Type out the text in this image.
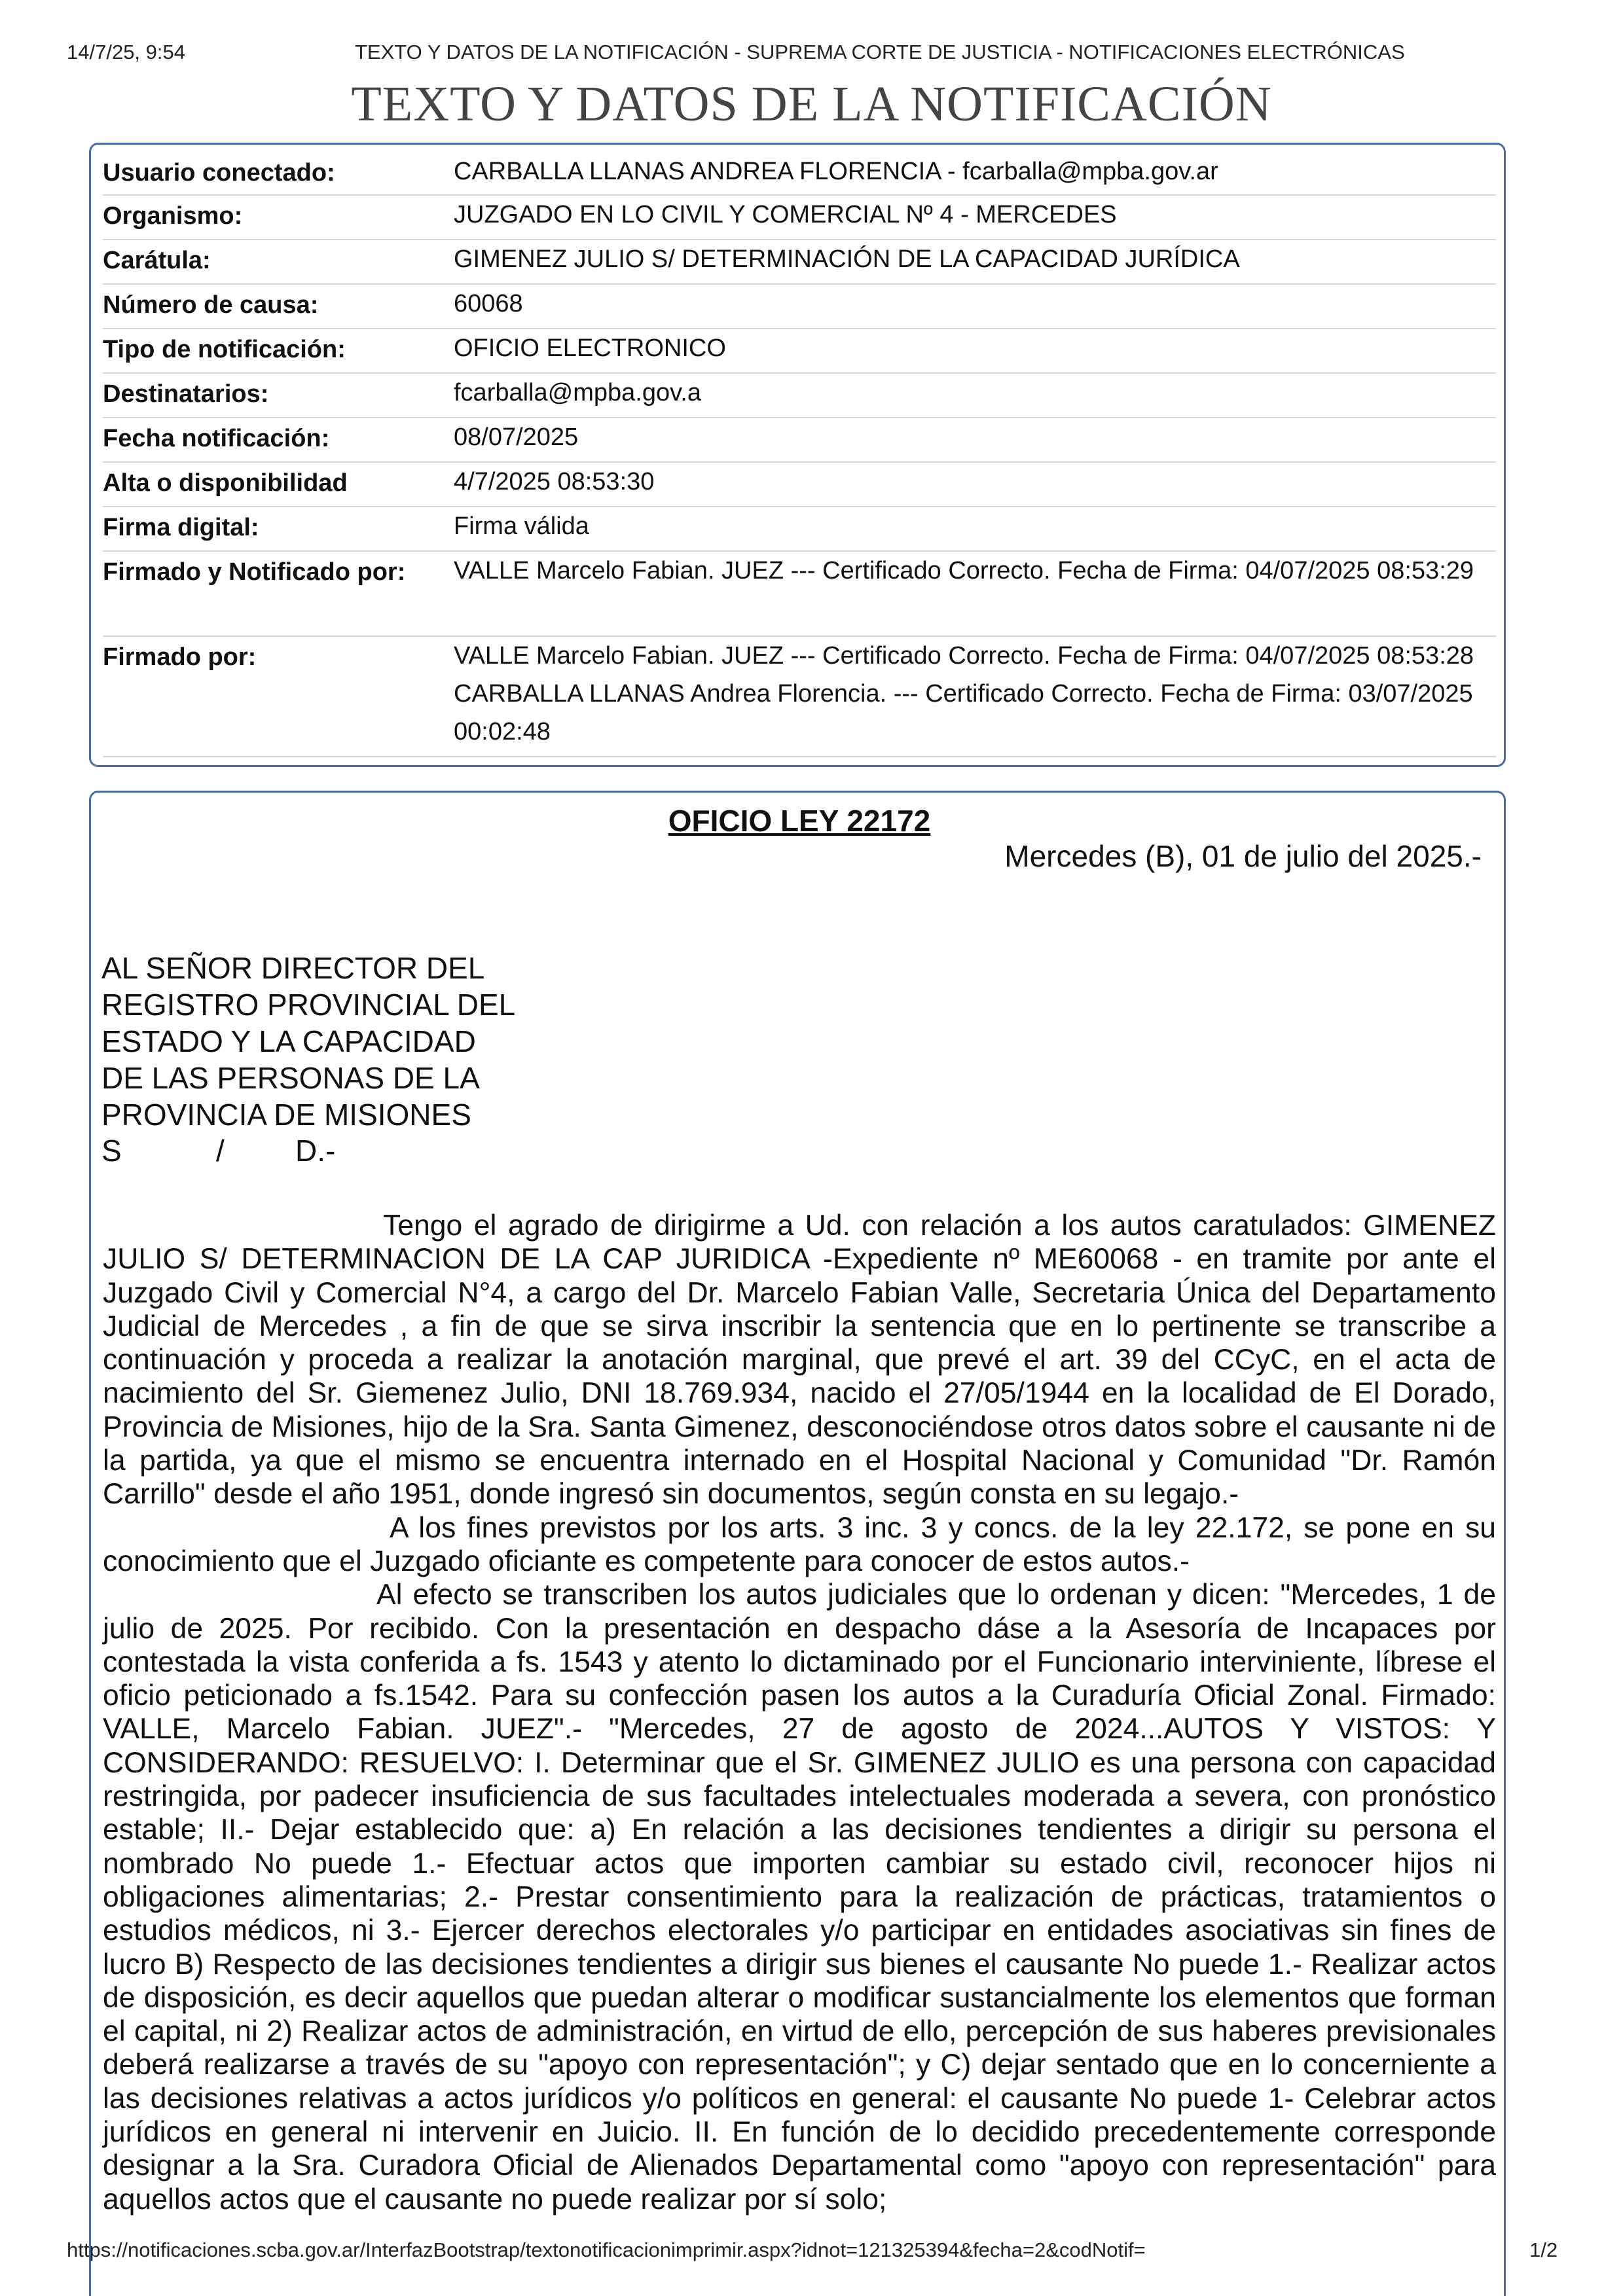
14/7/25, 9:54	TEXTO Y DATOS DE LA NOTIFICACIÓN - SUPREMA CORTE DE JUSTICIA - NOTIFICACIONES ELECTRÓNICAS
TEXTO Y DATOS DE LA NOTIFICACIÓN
Usuario conectado:	CARBALLA LLANAS ANDREA FLORENCIA - fcarballa@mpba.gov.ar
Organismo:	JUZGADO EN LO CIVIL Y COMERCIAL Nº 4 - MERCEDES
Carátula:	GIMENEZ JULIO S/ DETERMINACIÓN DE LA CAPACIDAD JURÍDICA
Número de causa:	60068
Tipo de notificación:	OFICIO ELECTRONICO
Destinatarios:	fcarballa@mpba.gov.a
Fecha notificación:	08/07/2025
Alta o disponibilidad	4/7/2025 08:53:30
Firma digital:	Firma válida
Firmado y Notificado por:	VALLE Marcelo Fabian. JUEZ --- Certificado Correcto. Fecha de Firma: 04/07/2025 08:53:29
Firmado por:	VALLE Marcelo Fabian. JUEZ --- Certificado Correcto. Fecha de Firma: 04/07/2025 08:53:28 CARBALLA LLANAS Andrea Florencia. --- Certificado Correcto. Fecha de Firma: 03/07/2025 00:02:48
OFICIO LEY 22172
Mercedes (B), 01 de julio del 2025.-
AL SEÑOR DIRECTOR DEL
REGISTRO PROVINCIAL DEL
ESTADO Y LA CAPACIDAD
DE LAS PERSONAS DE LA
PROVINCIA DE MISIONES
S	/ D.-

Tengo el agrado de dirigirme a Ud. con relación a los autos caratulados: GIMENEZ JULIO S/ DETERMINACION DE LA CAP JURIDICA -Expediente nº ME60068 - en tramite por ante el Juzgado Civil y Comercial N°4, a cargo del Dr. Marcelo Fabian Valle, Secretaria Única del Departamento Judicial de Mercedes , a fin de que se sirva inscribir la sentencia que en lo pertinente se transcribe a continuación y proceda a realizar la anotación marginal, que prevé el art. 39 del CCyC, en el acta de nacimiento del Sr. Giemenez Julio, DNI 18.769.934, nacido el 27/05/1944 en la localidad de El Dorado, Provincia de Misiones, hijo de la Sra. Santa Gimenez, desconociéndose otros datos sobre el causante ni de la partida, ya que el mismo se encuentra internado en el Hospital Nacional y Comunidad "Dr. Ramón Carrillo" desde el año 1951, donde ingresó sin documentos, según consta en su legajo.-

A los fines previstos por los arts. 3 inc. 3 y concs. de la ley 22.172, se pone en su conocimiento que el Juzgado oficiante es competente para conocer de estos autos.-

Al efecto se transcriben los autos judiciales que lo ordenan y dicen: "Mercedes, 1 de julio de 2025. Por recibido. Con la presentación en despacho dáse a la Asesoría de Incapaces por contestada la vista conferida a fs. 1543 y atento lo dictaminado por el Funcionario interviniente, líbrese el oficio peticionado a fs.1542. Para su confección pasen los autos a la Curaduría Oficial Zonal. Firmado: VALLE, Marcelo Fabian. JUEZ".- "Mercedes, 27 de agosto de 2024...AUTOS Y VISTOS: Y CONSIDERANDO: RESUELVO: I. Determinar que el Sr. GIMENEZ JULIO es una persona con capacidad restringida, por padecer insuficiencia de sus facultades intelectuales moderada a severa, con pronóstico estable; II.- Dejar establecido que: a) En relación a las decisiones tendientes a dirigir su persona el nombrado No puede 1.- Efectuar actos que importen cambiar su estado civil, reconocer hijos ni obligaciones alimentarias; 2.- Prestar consentimiento para la realización de prácticas, tratamientos o estudios médicos, ni 3.- Ejercer derechos electorales y/o participar en entidades asociativas sin fines de lucro B) Respecto de las decisiones tendientes a dirigir sus bienes el causante No puede 1.- Realizar actos de disposición, es decir aquellos que puedan alterar o modificar sustancialmente los elementos que forman el capital, ni 2) Realizar actos de administración, en virtud de ello, percepción de sus haberes previsionales deberá realizarse a través de su "apoyo con representación"; y C) dejar sentado que en lo concerniente a las decisiones relativas a actos jurídicos y/o políticos en general: el causante No puede 1- Celebrar actos jurídicos en general ni intervenir en Juicio. II. En función de lo decidido precedentemente corresponde designar a la Sra. Curadora Oficial de Alienados Departamental como "apoyo con representación" para aquellos actos que el causante no puede realizar por sí solo;

https://notificaciones.scba.gov.ar/InterfazBootstrap/textonotificacionimprimir.aspx?idnot=121325394&fecha=2&codNotif=	1/2
